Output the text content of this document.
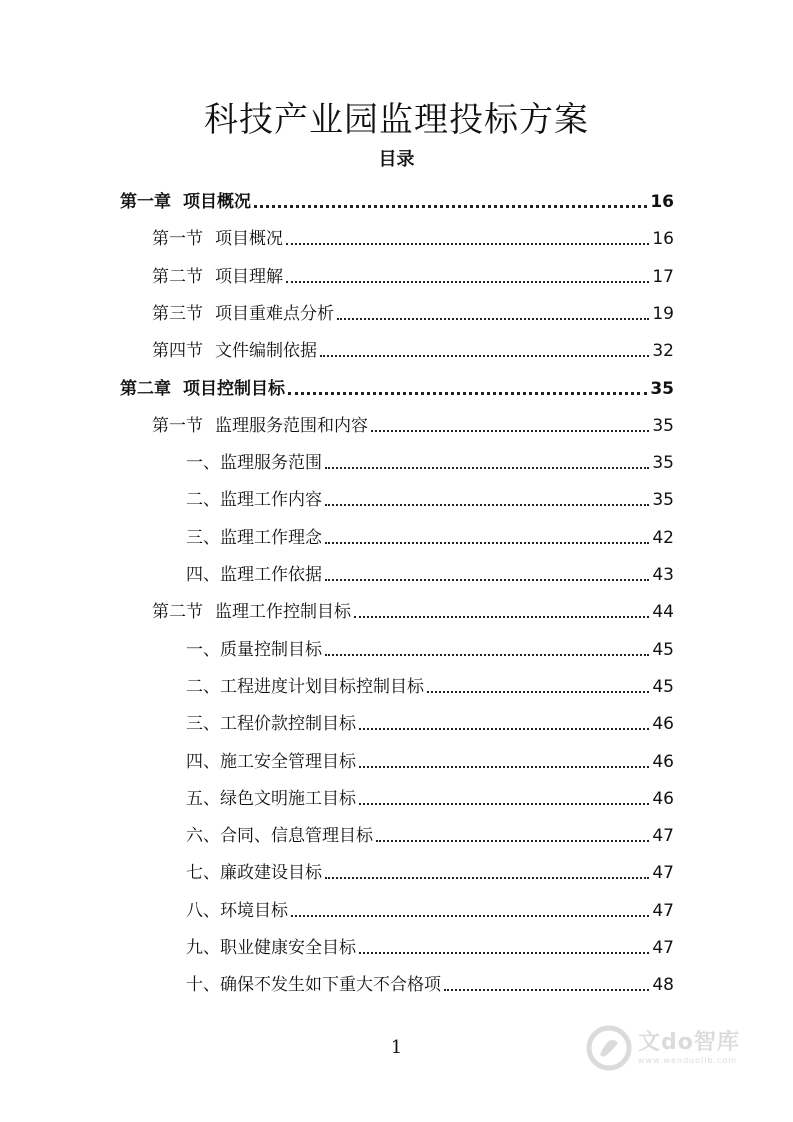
科技产业园监理投标方案
目录
第一章 项目概况	16
第一节 项目概况	16
第二节 项目理解	17
第三节 项目重难点分析	19
第四节 文件编制依据	32
第二章 项目控制目标	35
第一节 监理服务范围和内容	35
一、监理服务范围	35
二、监理工作内容	35
三、监理工作理念	42
四、监理工作依据	43
第二节 监理工作控制目标	44
一、质量控制目标	45
二、工程进度计划目标控制目标	45
三、工程价款控制目标	46
四、施工安全管理目标	46
五、绿色文明施工目标	46
六、合同、信息管理目标	47
七、廉政建设目标	47
八、环境目标	47
九、职业健康安全目标	47
十、确保不发生如下重大不合格项	48
1	文do智库
www.wenduolib.com
